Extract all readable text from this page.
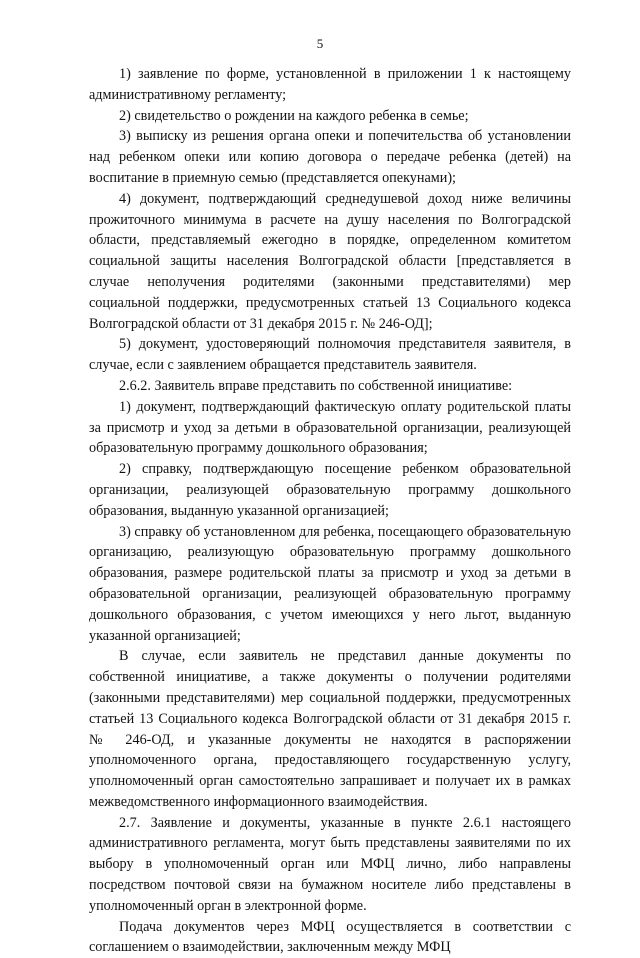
5

1) заявление по форме, установленной в приложении 1 к настоящему административному регламенту;

2) свидетельство о рождении на каждого ребенка в семье;

3) выписку из решения органа опеки и попечительства об установлении над ребенком опеки или копию договора о передаче ребенка (детей) на воспитание в приемную семью (представляется опекунами);

4) документ, подтверждающий среднедушевой доход ниже величины прожиточного минимума в расчете на душу населения по Волгоградской области, представляемый ежегодно в порядке, определенном комитетом социальной защиты населения Волгоградской области [представляется в случае неполучения родителями (законными представителями) мер социальной поддержки, предусмотренных статьей 13 Социального кодекса Волгоградской области от 31 декабря 2015 г. № 246-ОД];

5) документ, удостоверяющий полномочия представителя заявителя, в случае, если с заявлением обращается представитель заявителя.

2.6.2. Заявитель вправе представить по собственной инициативе:

1) документ, подтверждающий фактическую оплату родительской платы за присмотр и уход за детьми в образовательной организации, реализующей образовательную программу дошкольного образования;

2) справку, подтверждающую посещение ребенком образовательной организации, реализующей образовательную программу дошкольного образования, выданную указанной организацией;

3) справку об установленном для ребенка, посещающего образовательную организацию, реализующую образовательную программу дошкольного образования, размере родительской платы за присмотр и уход за детьми в образовательной организации, реализующей образовательную программу дошкольного образования, с учетом имеющихся у него льгот, выданную указанной организацией;

В случае, если заявитель не представил данные документы по собственной инициативе, а также документы о получении родителями (законными представителями) мер социальной поддержки, предусмотренных статьей 13 Социального кодекса Волгоградской области от 31 декабря 2015 г. № 246-ОД, и указанные документы не находятся в распоряжении уполномоченного органа, предоставляющего государственную услугу, уполномоченный орган самостоятельно запрашивает и получает их в рамках межведомственного информационного взаимодействия.

2.7. Заявление и документы, указанные в пункте 2.6.1 настоящего административного регламента, могут быть представлены заявителями по их выбору в уполномоченный орган или МФЦ лично, либо направлены посредством почтовой связи на бумажном носителе либо представлены в уполномоченный орган в электронной форме.

Подача документов через МФЦ осуществляется в соответствии с соглашением о взаимодействии, заключенным между МФЦ
